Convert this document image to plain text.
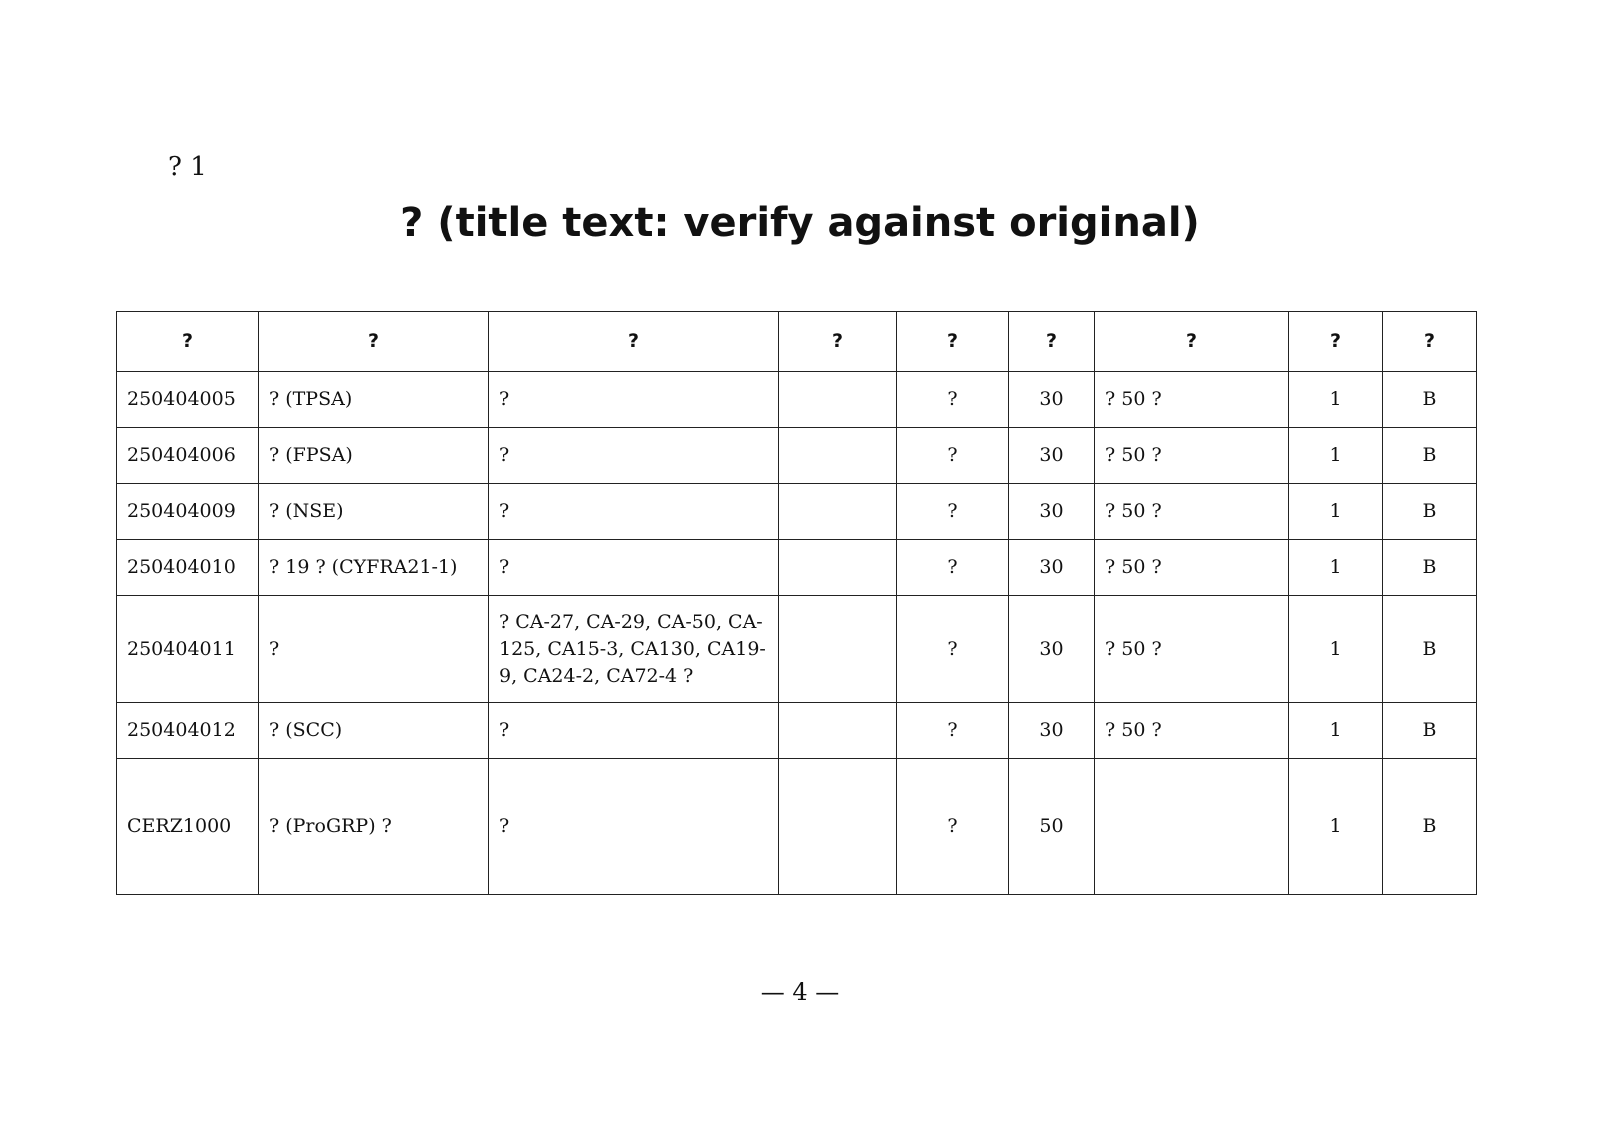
? 1
? (title text: verify against original)
?	?	?	?	?	?	?	?	?
250404005	? (TPSA)	?		?	30	? 50 ?	1	B
250404006	? (FPSA)	?		?	30	? 50 ?	1	B
250404009	? (NSE)	?		?	30	? 50 ?	1	B
250404010	? 19 ? (CYFRA21-1)	?		?	30	? 50 ?	1	B
250404011	?	? CA-27, CA-29, CA-50, CA-125, CA15-3, CA130, CA19-9, CA24-2, CA72-4 ?		?	30	? 50 ?	1	B
250404012	? (SCC)	?		?	30	? 50 ?	1	B
CERZ1000	? (ProGRP) ?	?		?	50		1	B
— 4 —
